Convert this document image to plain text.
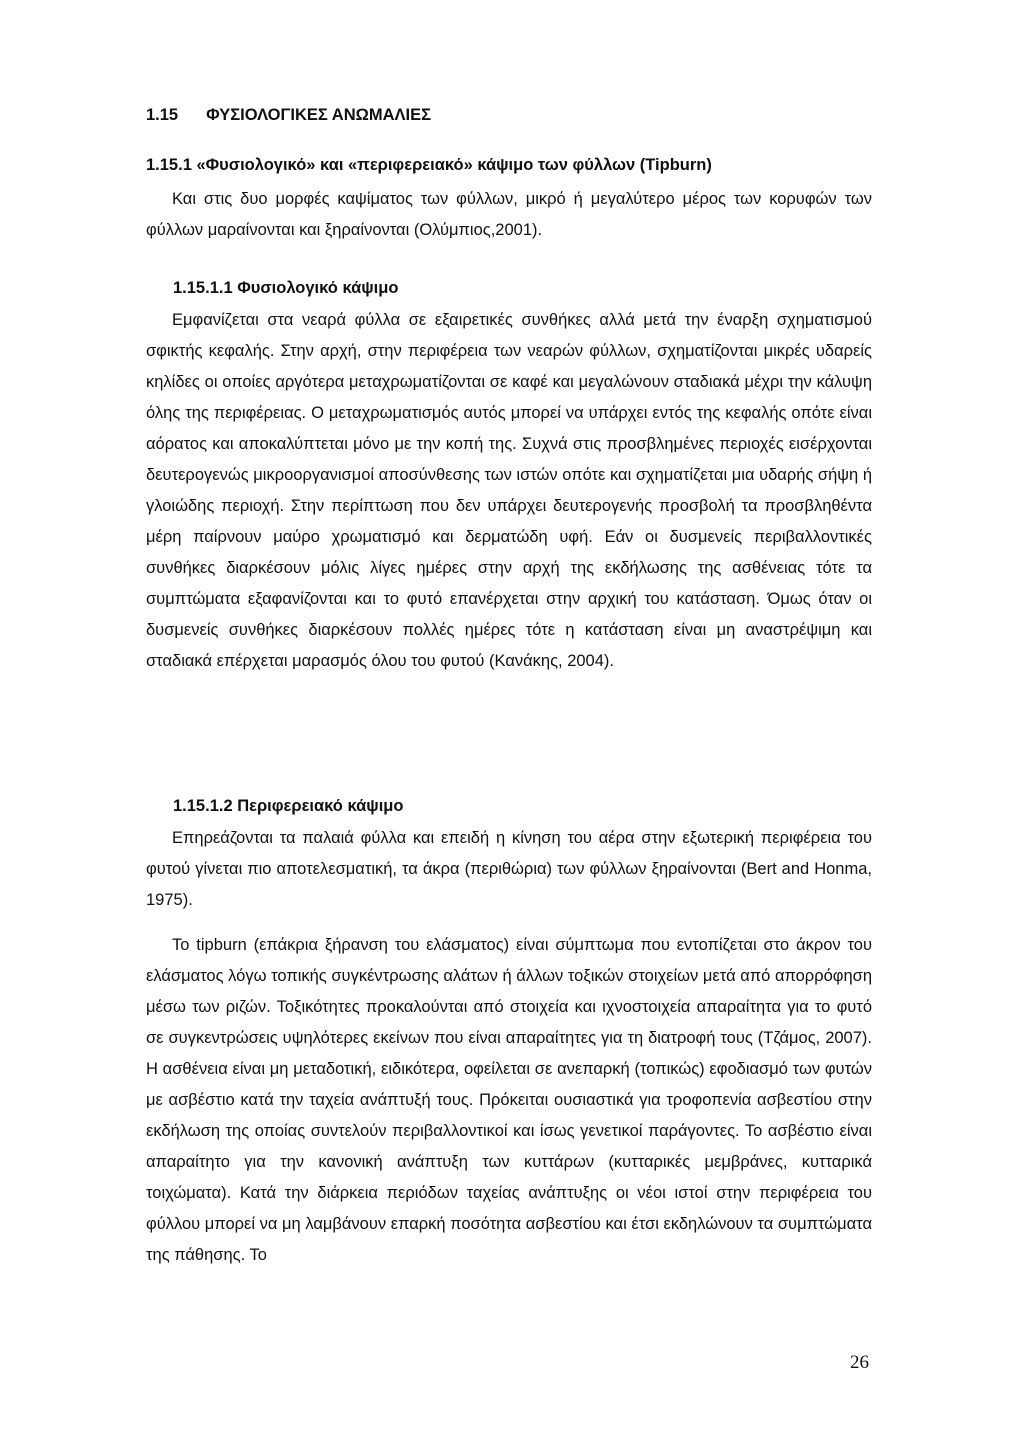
1.15 ΦΥΣΙΟΛΟΓΙΚΕΣ ΑΝΩΜΑΛΙΕΣ
1.15.1 «Φυσιολογικό» και «περιφερειακό» κάψιμο των φύλλων (Tipburn)

Και στις δυο μορφές καψίματος των φύλλων, μικρό ή μεγαλύτερο μέρος των κορυφών των φύλλων μαραίνονται και ξηραίνονται (Ολύμπιος,2001).

1.15.1.1 Φυσιολογικό κάψιμο

Εμφανίζεται στα νεαρά φύλλα σε εξαιρετικές συνθήκες αλλά μετά την έναρξη σχηματισμού σφικτής κεφαλής. Στην αρχή, στην περιφέρεια των νεαρών φύλλων, σχηματίζονται μικρές υδαρείς κηλίδες οι οποίες αργότερα μεταχρωματίζονται σε καφέ και μεγαλώνουν σταδιακά μέχρι την κάλυψη όλης της περιφέρειας. Ο μεταχρωματισμός αυτός μπορεί να υπάρχει εντός της κεφαλής οπότε είναι αόρατος και αποκαλύπτεται μόνο με την κοπή της. Συχνά στις προσβλημένες περιοχές εισέρχονται δευτερογενώς μικροοργανισμοί αποσύνθεσης των ιστών οπότε και σχηματίζεται μια υδαρής σήψη ή γλοιώδης περιοχή. Στην περίπτωση που δεν υπάρχει δευτερογενής προσβολή τα προσβληθέντα μέρη παίρνουν μαύρο χρωματισμό και δερματώδη υφή. Εάν οι δυσμενείς περιβαλλοντικές συνθήκες διαρκέσουν μόλις λίγες ημέρες στην αρχή της εκδήλωσης της ασθένειας τότε τα συμπτώματα εξαφανίζονται και το φυτό επανέρχεται στην αρχική του κατάσταση. Όμως όταν οι δυσμενείς συνθήκες διαρκέσουν πολλές ημέρες τότε η κατάσταση είναι μη αναστρέψιμη και σταδιακά επέρχεται μαρασμός όλου του φυτού (Κανάκης, 2004).

1.15.1.2 Περιφερειακό κάψιμο

Επηρεάζονται τα παλαιά φύλλα και επειδή η κίνηση του αέρα στην εξωτερική περιφέρεια του φυτού γίνεται πιο αποτελεσματική, τα άκρα (περιθώρια) των φύλλων ξηραίνονται (Bert and Honma, 1975).

Το tipburn (επάκρια ξήρανση του ελάσματος) είναι σύμπτωμα που εντοπίζεται στο άκρον του ελάσματος λόγω τοπικής συγκέντρωσης αλάτων ή άλλων τοξικών στοιχείων μετά από απορρόφηση μέσω των ριζών. Τοξικότητες προκαλούνται από στοιχεία και ιχνοστοιχεία απαραίτητα για το φυτό σε συγκεντρώσεις υψηλότερες εκείνων που είναι απαραίτητες για τη διατροφή τους (Τζάμος, 2007). Η ασθένεια είναι μη μεταδοτική, ειδικότερα, οφείλεται σε ανεπαρκή (τοπικώς) εφοδιασμό των φυτών με ασβέστιο κατά την ταχεία ανάπτυξή τους. Πρόκειται ουσιαστικά για τροφοπενία ασβεστίου στην εκδήλωση της οποίας συντελούν περιβαλλοντικοί και ίσως γενετικοί παράγοντες. Το ασβέστιο είναι απαραίτητο για την κανονική ανάπτυξη των κυττάρων (κυτταρικές μεμβράνες, κυτταρικά τοιχώματα). Κατά την διάρκεια περιόδων ταχείας ανάπτυξης οι νέοι ιστοί στην περιφέρεια του φύλλου μπορεί να μη λαμβάνουν επαρκή ποσότητα ασβεστίου και έτσι εκδηλώνουν τα συμπτώματα της πάθησης. Το

26
